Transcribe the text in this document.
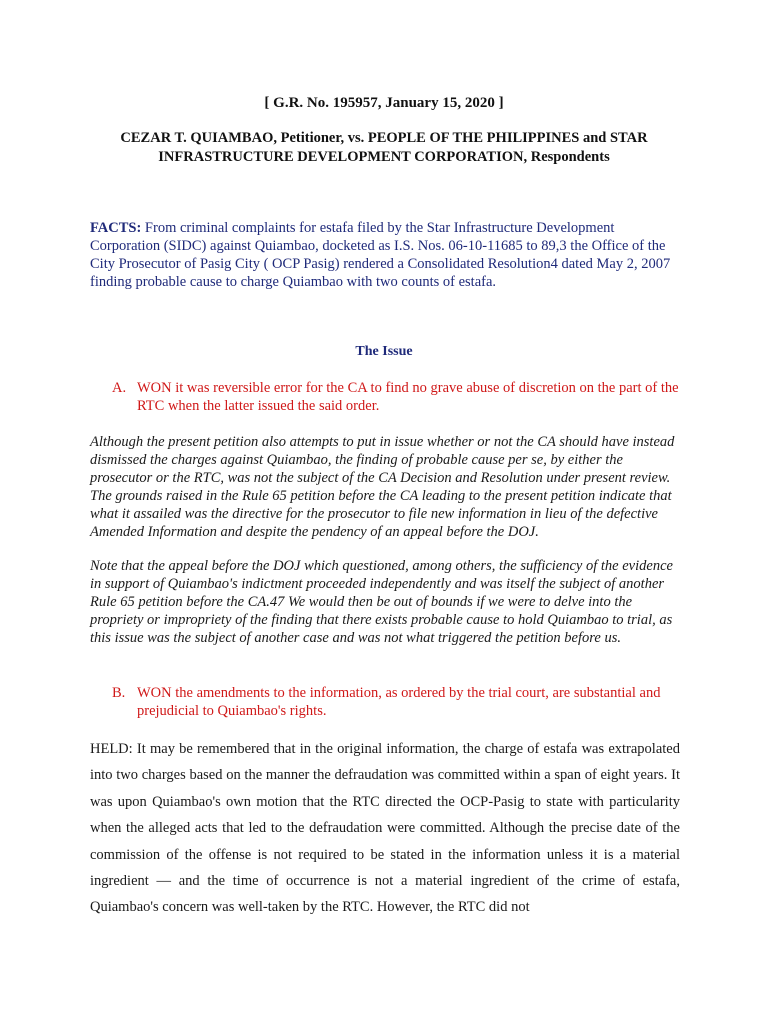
[ G.R. No. 195957, January 15, 2020 ]
CEZAR T. QUIAMBAO, Petitioner, vs. PEOPLE OF THE PHILIPPINES and STAR INFRASTRUCTURE DEVELOPMENT CORPORATION, Respondents
FACTS: From criminal complaints for estafa filed by the Star Infrastructure Development Corporation (SIDC) against Quiambao, docketed as I.S. Nos. 06-10-11685 to 89,3 the Office of the City Prosecutor of Pasig City ( OCP Pasig) rendered a Consolidated Resolution4 dated May 2, 2007 finding probable cause to charge Quiambao with two counts of estafa.
The Issue
A. WON it was reversible error for the CA to find no grave abuse of discretion on the part of the RTC when the latter issued the said order.
Although the present petition also attempts to put in issue whether or not the CA should have instead dismissed the charges against Quiambao, the finding of probable cause per se, by either the prosecutor or the RTC, was not the subject of the CA Decision and Resolution under present review. The grounds raised in the Rule 65 petition before the CA leading to the present petition indicate that what it assailed was the directive for the prosecutor to file new information in lieu of the defective Amended Information and despite the pendency of an appeal before the DOJ.
Note that the appeal before the DOJ which questioned, among others, the sufficiency of the evidence in support of Quiambao's indictment proceeded independently and was itself the subject of another Rule 65 petition before the CA.47 We would then be out of bounds if we were to delve into the propriety or impropriety of the finding that there exists probable cause to hold Quiambao to trial, as this issue was the subject of another case and was not what triggered the petition before us.
B. WON the amendments to the information, as ordered by the trial court, are substantial and prejudicial to Quiambao's rights.
HELD: It may be remembered that in the original information, the charge of estafa was extrapolated into two charges based on the manner the defraudation was committed within a span of eight years. It was upon Quiambao's own motion that the RTC directed the OCP-Pasig to state with particularity when the alleged acts that led to the defraudation were committed. Although the precise date of the commission of the offense is not required to be stated in the information unless it is a material ingredient — and the time of occurrence is not a material ingredient of the crime of estafa, Quiambao's concern was well-taken by the RTC. However, the RTC did not
